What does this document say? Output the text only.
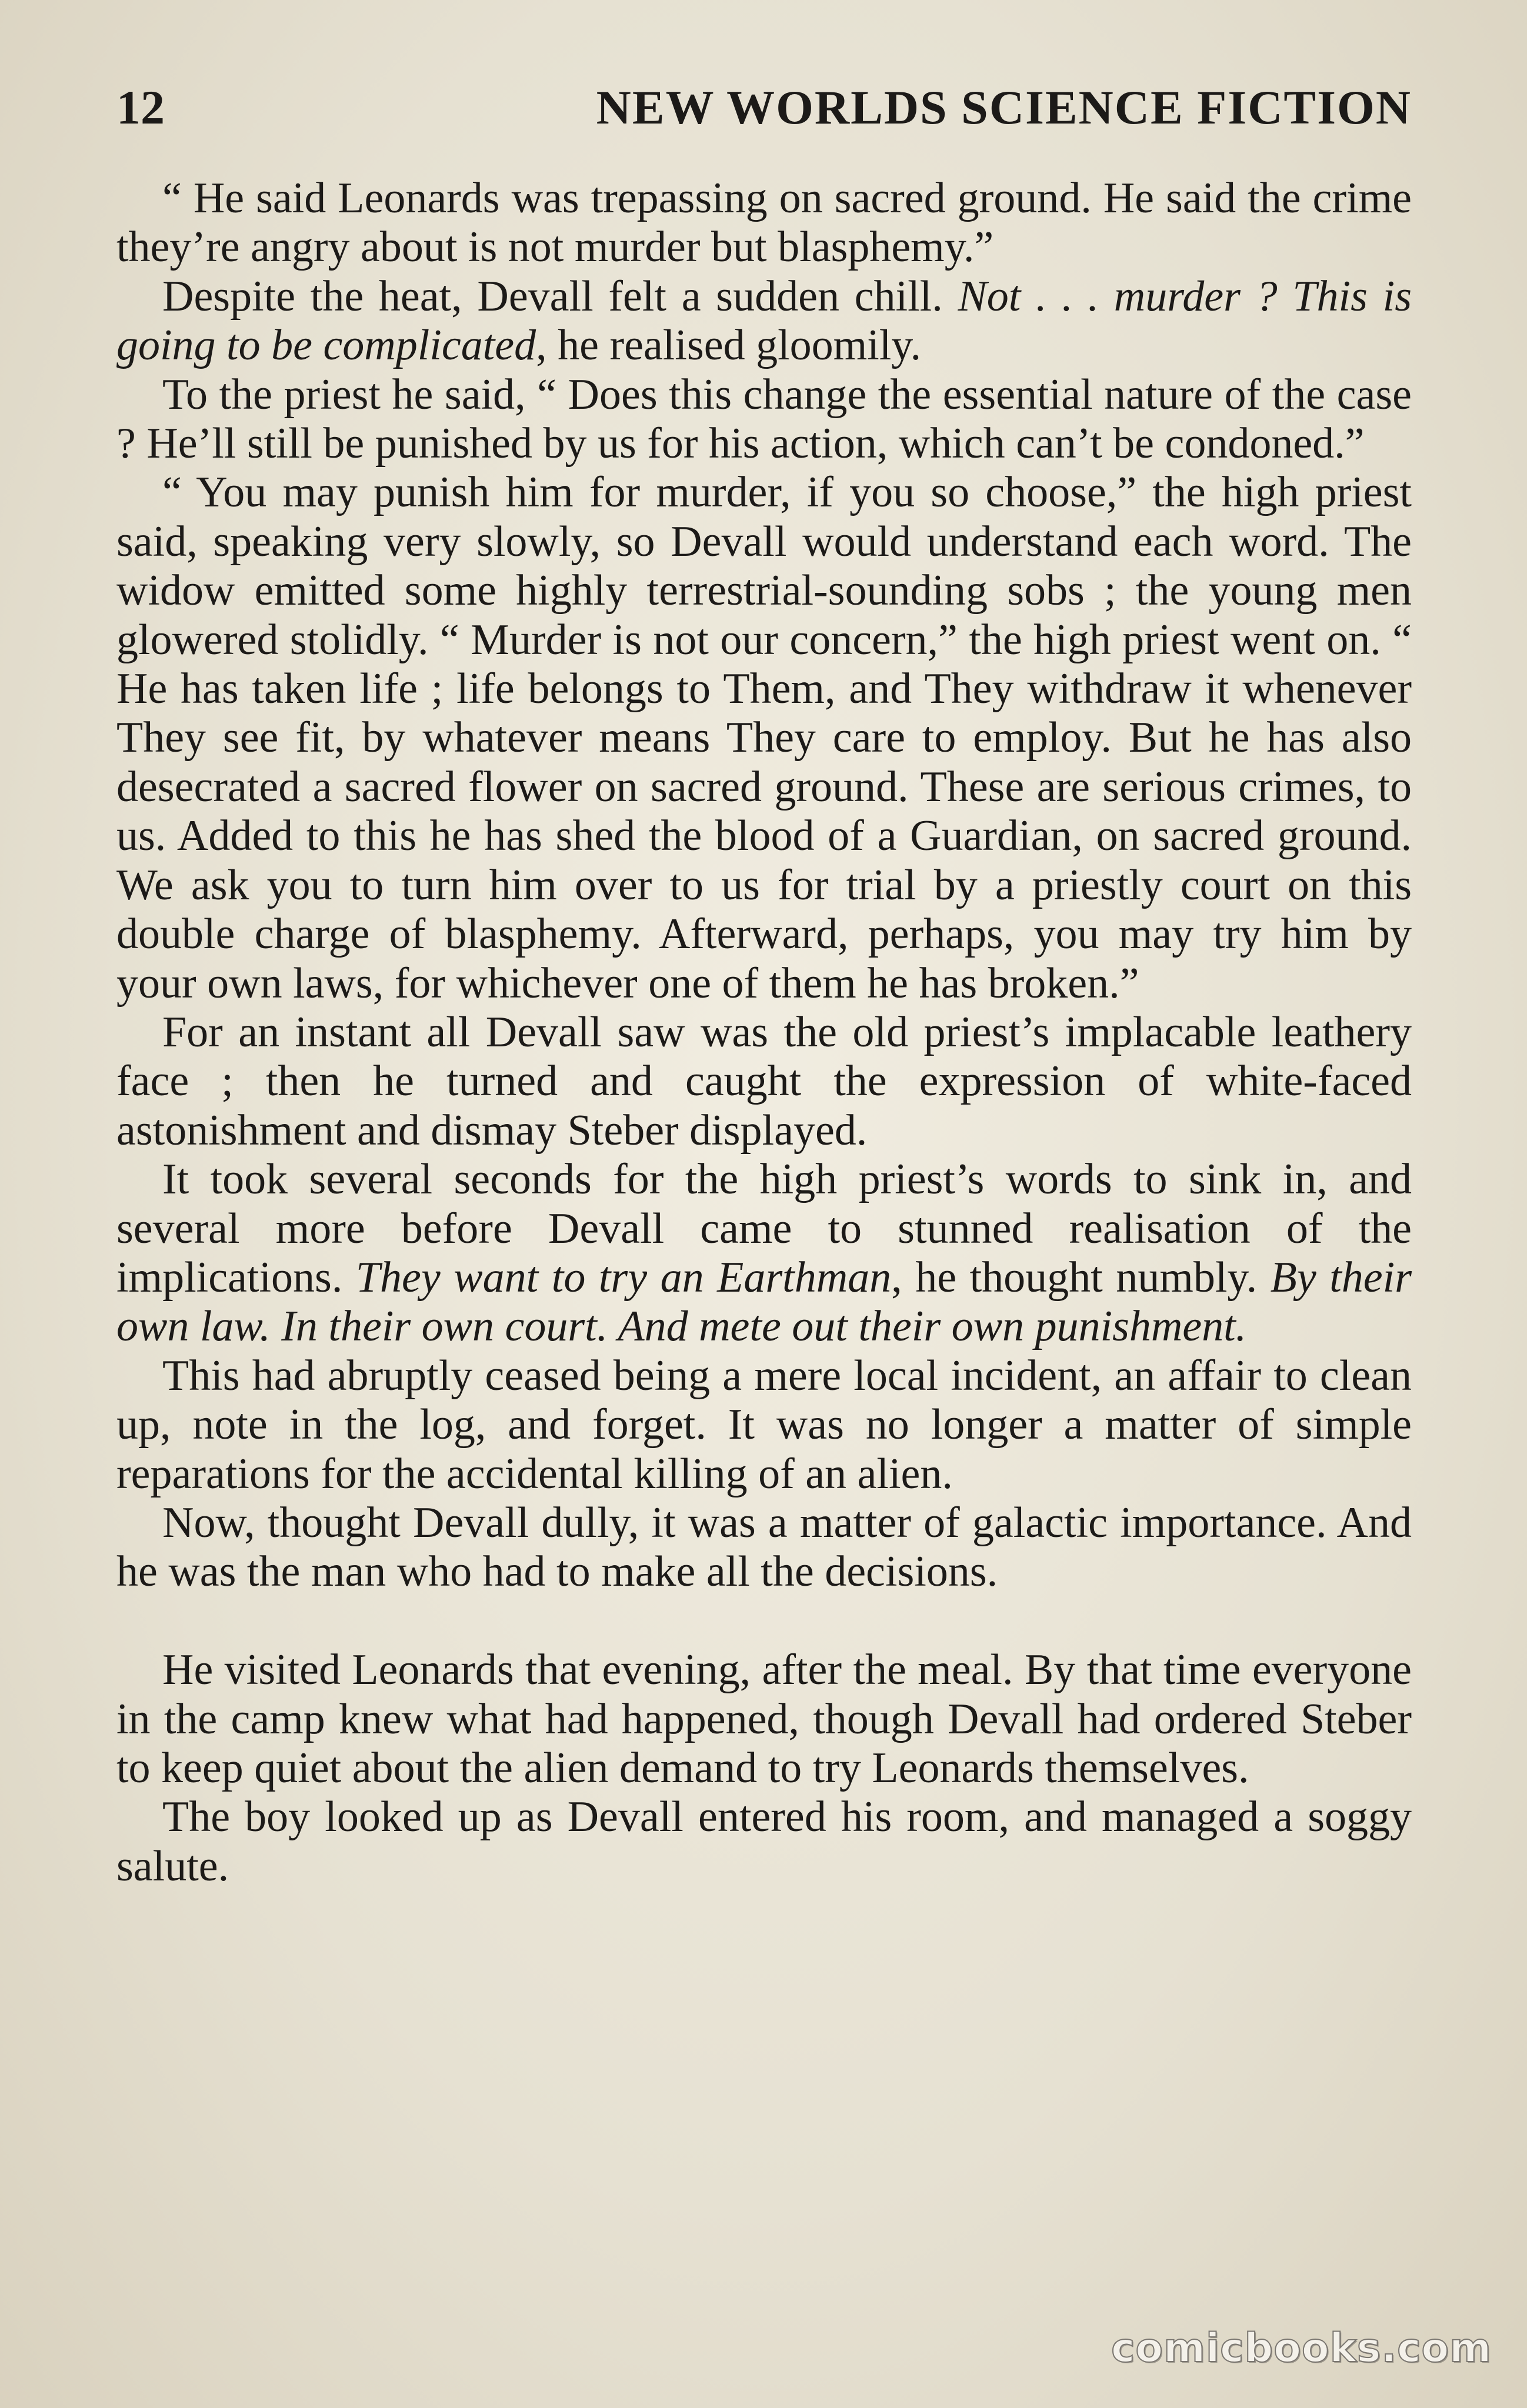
12	NEW WORLDS SCIENCE FICTION

“ He said Leonards was trepassing on sacred ground. He said the crime they’re angry about is not murder but blasphemy.”

Despite the heat, Devall felt a sudden chill. Not . . . murder ? This is going to be complicated, he realised gloomily.

To the priest he said, “ Does this change the essential nature of the case ? He’ll still be punished by us for his action, which can’t be condoned.”

“ You may punish him for murder, if you so choose,” the high priest said, speaking very slowly, so Devall would understand each word. The widow emitted some highly terrestrial-sounding sobs ; the young men glowered stolidly. “ Murder is not our concern,” the high priest went on. “ He has taken life ; life belongs to Them, and They withdraw it whenever They see fit, by whatever means They care to employ. But he has also desecrated a sacred flower on sacred ground. These are serious crimes, to us. Added to this he has shed the blood of a Guardian, on sacred ground. We ask you to turn him over to us for trial by a priestly court on this double charge of blasphemy. Afterward, perhaps, you may try him by your own laws, for whichever one of them he has broken.”

For an instant all Devall saw was the old priest’s implacable leathery face ; then he turned and caught the expression of white-faced astonishment and dismay Steber displayed.

It took several seconds for the high priest’s words to sink in, and several more before Devall came to stunned realisation of the implications. They want to try an Earthman, he thought numbly. By their own law. In their own court. And mete out their own punishment.

This had abruptly ceased being a mere local incident, an affair to clean up, note in the log, and forget. It was no longer a matter of simple reparations for the accidental killing of an alien.

Now, thought Devall dully, it was a matter of galactic importance. And he was the man who had to make all the decisions.

He visited Leonards that evening, after the meal. By that time everyone in the camp knew what had happened, though Devall had ordered Steber to keep quiet about the alien demand to try Leonards themselves.

The boy looked up as Devall entered his room, and managed a soggy salute.

comicbooks.com
